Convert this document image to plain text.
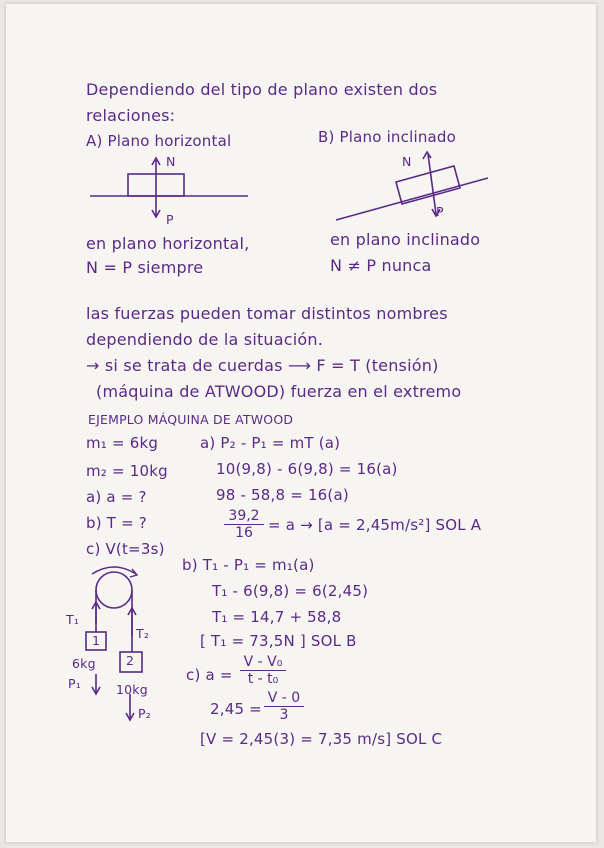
Dependiendo del tipo de plano existen dos
relaciones:
A) Plano horizontal	B) Plano inclinado
N
P
N
P
en plano horizontal,
N = P siempre
en plano inclinado
N ≠ P nunca
las fuerzas pueden tomar distintos nombres
dependiendo de la situación.
→ si se trata de cuerdas ⟶ F = T (tensión)
(máquina de ATWOOD) fuerza en el extremo
EJEMPLO MÁQUINA DE ATWOOD
m₁ = 6kg
m₂ = 10kg
a) a = ?
b) T = ?
c) V(t=3s)
a) P₂ - P₁ = mT (a)
10(9,8) - 6(9,8) = 16(a)
98 - 58,8 = 16(a)
$\frac{39,2}{16} = a \to [a = 2,45m/s^2]$ SOL A
b) T₁ - P₁ = m₁(a)
T₁ - 6(9,8) = 6(2,45)
T₁ = 14,7 + 58,8
[ T₁ = 73,5N ] SOL B
c) $a = \frac{\text{V - V₀}}{\text{t - t₀}}$
$2,45 = \frac{V - 0}{3}$
[V = 2,45(3) = 7,35 m/s] SOL C
T₁
T₂
1
2
6kg
10kg
P₁
P₂
